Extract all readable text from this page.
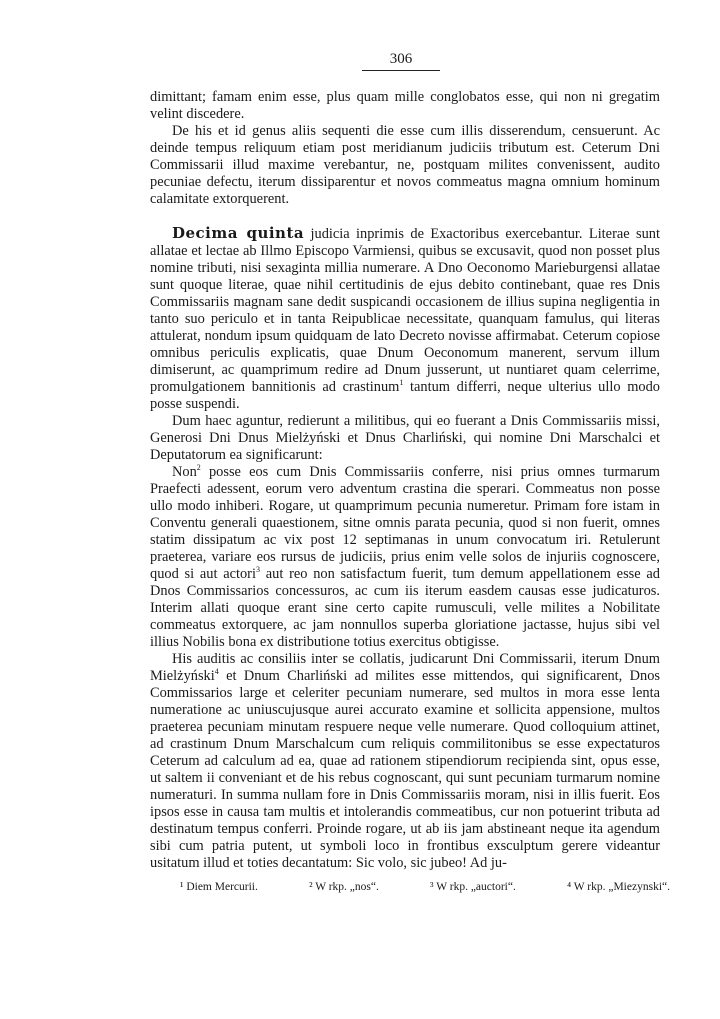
306

dimittant; famam enim esse, plus quam mille conglobatos esse, qui non ni gregatim velint discedere.

De his et id genus aliis sequenti die esse cum illis disserendum, censuerunt. Ac deinde tempus reliquum etiam post meridianum judiciis tributum est. Ceterum Dni Commissarii illud maxime verebantur, ne, postquam milites convenissent, audito pecuniae defectu, iterum dissiparentur et novos commeatus magna omnium hominum calamitate extorquerent.

Decima quinta judicia inprimis de Exactoribus exercebantur. Literae sunt allatae et lectae ab Illmo Episcopo Varmiensi, quibus se excusavit, quod non posset plus nomine tributi, nisi sexaginta millia numerare. A Dno Oeconomo Marieburgensi allatae sunt quoque literae, quae nihil certitudinis de ejus debito continebant, quae res Dnis Commissariis magnam sane dedit suspicandi occasionem de illius supina negligentia in tanto suo periculo et in tanta Reipublicae necessitate, quanquam famulus, qui literas attulerat, nondum ipsum quidquam de lato Decreto novisse affirmabat. Ceterum copiose omnibus periculis explicatis, quae Dnum Oeconomum manerent, servum illum dimiserunt, ac quamprimum redire ad Dnum jusserunt, ut nuntiaret quam celerrime, promulgationem bannitionis ad crastinum$^1$ tantum differri, neque ulterius ullo modo posse suspendi.

Dum haec aguntur, redierunt a militibus, qui eo fuerant a Dnis Commissariis missi, Generosi Dni Dnus Mielżyński et Dnus Charliński, qui nomine Dni Marschalci et Deputatorum ea significarunt:

Non$^2$ posse eos cum Dnis Commissariis conferre, nisi prius omnes turmarum Praefecti adessent, eorum vero adventum crastina die sperari. Commeatus non posse ullo modo inhiberi. Rogare, ut quamprimum pecunia numeretur. Primam fore istam in Conventu generali quaestionem, sitne omnis parata pecunia, quod si non fuerit, omnes statim dissipatum ac vix post 12 septimanas in unum convocatum iri. Retulerunt praeterea, variare eos rursus de judiciis, prius enim velle solos de injuriis cognoscere, quod si aut actori$^3$ aut reo non satisfactum fuerit, tum demum appellationem esse ad Dnos Commissarios concessuros, ac cum iis iterum easdem causas esse judicaturos. Interim allati quoque erant sine certo capite rumusculi, velle milites a Nobilitate commeatus extorquere, ac jam nonnullos superba gloriatione jactasse, hujus sibi vel illius Nobilis bona ex distributione totius exercitus obtigisse.

His auditis ac consiliis inter se collatis, judicarunt Dni Commissarii, iterum Dnum Mielżyński$^4$ et Dnum Charliński ad milites esse mittendos, qui significarent, Dnos Commissarios large et celeriter pecuniam numerare, sed multos in mora esse lenta numeratione ac uniuscujusque aurei accurato examine et sollicita appensione, multos praeterea pecuniam minutam respuere neque velle numerare. Quod colloquium attinet, ad crastinum Dnum Marschalcum cum reliquis commilitonibus se esse expectaturos Ceterum ad calculum ad ea, quae ad rationem stipendiorum recipienda sint, opus esse, ut saltem ii conveniant et de his rebus cognoscant, qui sunt pecuniam turmarum nomine numeraturi. In summa nullam fore in Dnis Commissariis moram, nisi in illis fuerit. Eos ipsos esse in causa tam multis et intolerandis commeatibus, cur non potuerint tributa ad destinatum tempus conferri. Proinde rogare, ut ab iis jam abstineant neque ita agendum sibi cum patria putent, ut symboli loco in frontibus exsculptum gerere videantur usitatum illud et toties decantatum: Sic volo, sic jubeo! Ad ju-

¹ Diem Mercurii.	² W rkp. „nos“.	³ W rkp. „auctori“.	⁴ W rkp. „Miezynski“.
